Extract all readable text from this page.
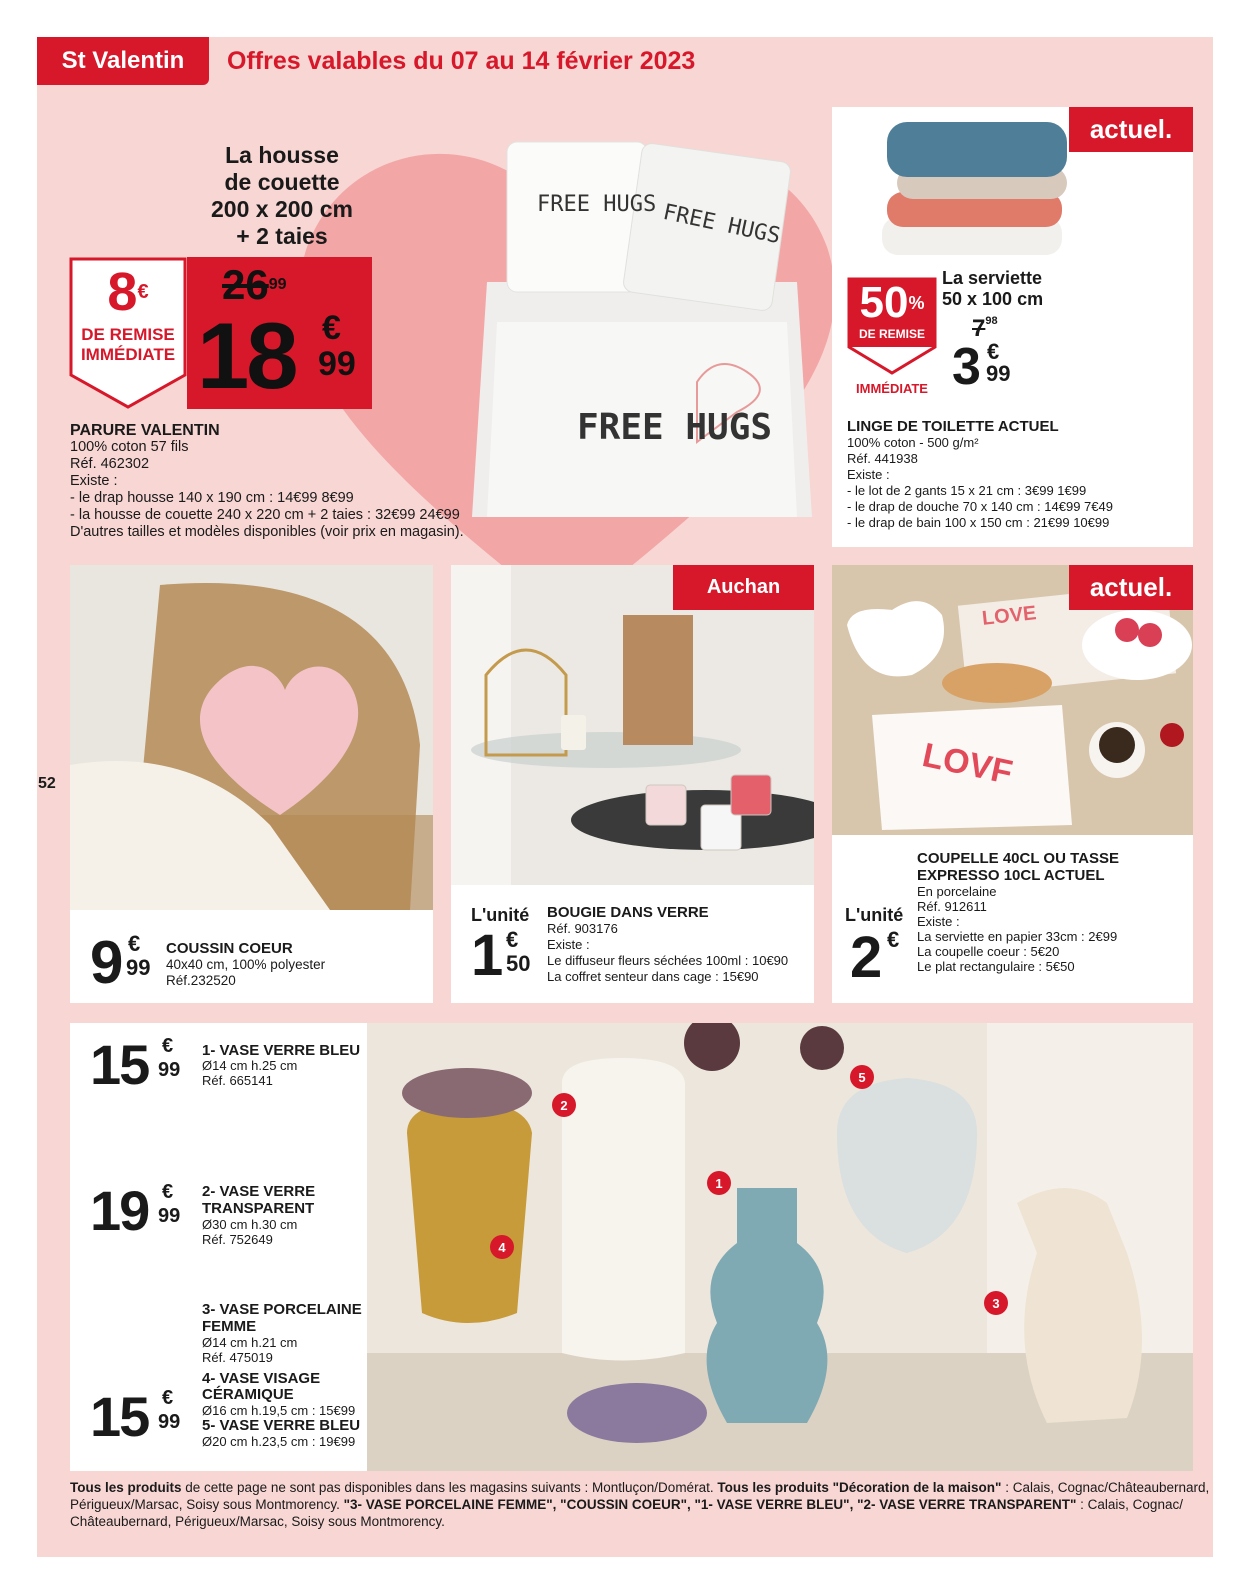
St Valentin Offres valables du 07 au 14 février 2023
La housse
de couette
200 x 200 cm
+ 2 taies
8€
DE REMISE
IMMÉDIATE
$26^{99}$
18 €
99
FREE HUGS FREE HUGS
FREE HUGS
PARURE VALENTIN
100% coton 57 fils
Réf. 462302
Existe :
- le drap housse 140 x 190 cm : 14€99 8€99
- la housse de couette 240 x 220 cm + 2 taies : 32€99 24€99
D'autres tailles et modèles disponibles (voir prix en magasin).
actuel.
50%
DE REMISE
IMMÉDIATE
La serviette
50 x 100 cm
$7^{98}$
3 €
99
LINGE DE TOILETTE ACTUEL
100% coton - 500 g/m²
Réf. 441938
Existe :
- le lot de 2 gants 15 x 21 cm : 3€99 1€99
- le drap de douche 70 x 140 cm : 14€99 7€49
- le drap de bain 100 x 150 cm : 21€99 10€99
9 €
99
COUSSIN COEUR
40x40 cm, 100% polyester
Réf.232520
52
Auchan
L'unité
1 €
50
BOUGIE DANS VERRE
Réf. 903176
Existe :
Le diffuseur fleurs séchées 100ml : 10€90
La coffret senteur dans cage : 15€90
actuel.
LOVE
LOVF
COUPELLE 40CL OU TASSE
EXPRESSO 10CL ACTUEL
En porcelaine
Réf. 912611
Existe :
La serviette en papier 33cm : 2€99
La coupelle coeur : 5€20
Le plat rectangulaire : 5€50
L'unité
2 €
1
2
3
4
5
15 €
99
1- VASE VERRE BLEU
Ø14 cm h.25 cm
Réf. 665141
19 €
99
2- VASE VERRE
TRANSPARENT
Ø30 cm h.30 cm
Réf. 752649
3- VASE PORCELAINE
FEMME
Ø14 cm h.21 cm
Réf. 475019
4- VASE VISAGE
CÉRAMIQUE
Ø16 cm h.19,5 cm : 15€99
5- VASE VERRE BLEU
Ø20 cm h.23,5 cm : 19€99
15 €
99
Tous les produits de cette page ne sont pas disponibles dans les magasins suivants : Montluçon/Domérat. Tous les produits "Décoration de la maison" : Calais, Cognac/Châteaubernard,
Périgueux/Marsac, Soisy sous Montmorency. "3- VASE PORCELAINE FEMME", "COUSSIN COEUR", "1- VASE VERRE BLEU", "2- VASE VERRE TRANSPARENT" : Calais, Cognac/
Châteaubernard, Périgueux/Marsac, Soisy sous Montmorency.
